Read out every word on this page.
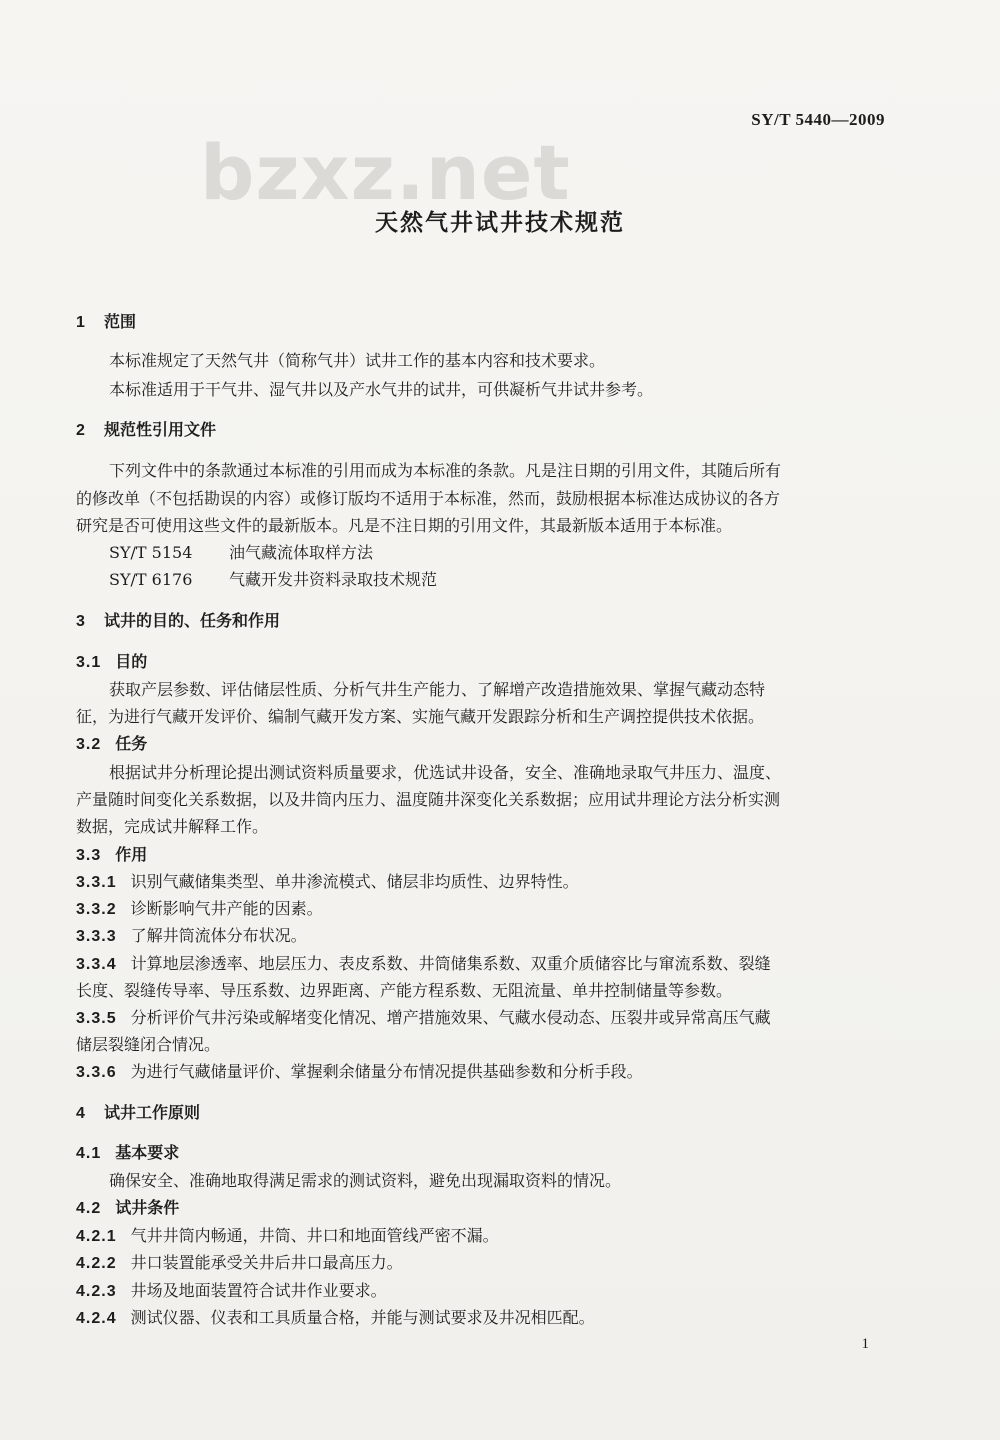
SY/T 5440—2009
bzxz.net
天然气井试井技术规范
1 范围
本标准规定了天然气井（简称气井）试井工作的基本内容和技术要求。
本标准适用于干气井、湿气井以及产水气井的试井，可供凝析气井试井参考。
2 规范性引用文件
下列文件中的条款通过本标准的引用而成为本标准的条款。凡是注日期的引用文件，其随后所有
的修改单（不包括勘误的内容）或修订版均不适用于本标准，然而，鼓励根据本标准达成协议的各方
研究是否可使用这些文件的最新版本。凡是不注日期的引用文件，其最新版本适用于本标准。
SY/T 5154 油气藏流体取样方法
SY/T 6176 气藏开发井资料录取技术规范
3 试井的目的、任务和作用
3.1 目的
获取产层参数、评估储层性质、分析气井生产能力、了解增产改造措施效果、掌握气藏动态特
征，为进行气藏开发评价、编制气藏开发方案、实施气藏开发跟踪分析和生产调控提供技术依据。
3.2 任务
根据试井分析理论提出测试资料质量要求，优选试井设备，安全、准确地录取气井压力、温度、
产量随时间变化关系数据，以及井筒内压力、温度随井深变化关系数据；应用试井理论方法分析实测
数据，完成试井解释工作。
3.3 作用
3.3.1 识别气藏储集类型、单井渗流模式、储层非均质性、边界特性。
3.3.2 诊断影响气井产能的因素。
3.3.3 了解井筒流体分布状况。
3.3.4 计算地层渗透率、地层压力、表皮系数、井筒储集系数、双重介质储容比与窜流系数、裂缝
长度、裂缝传导率、导压系数、边界距离、产能方程系数、无阻流量、单井控制储量等参数。
3.3.5 分析评价气井污染或解堵变化情况、增产措施效果、气藏水侵动态、压裂井或异常高压气藏
储层裂缝闭合情况。
3.3.6 为进行气藏储量评价、掌握剩余储量分布情况提供基础参数和分析手段。
4 试井工作原则
4.1 基本要求
确保安全、准确地取得满足需求的测试资料，避免出现漏取资料的情况。
4.2 试井条件
4.2.1 气井井筒内畅通，井筒、井口和地面管线严密不漏。
4.2.2 井口装置能承受关井后井口最高压力。
4.2.3 井场及地面装置符合试井作业要求。
4.2.4 测试仪器、仪表和工具质量合格，并能与测试要求及井况相匹配。
1
